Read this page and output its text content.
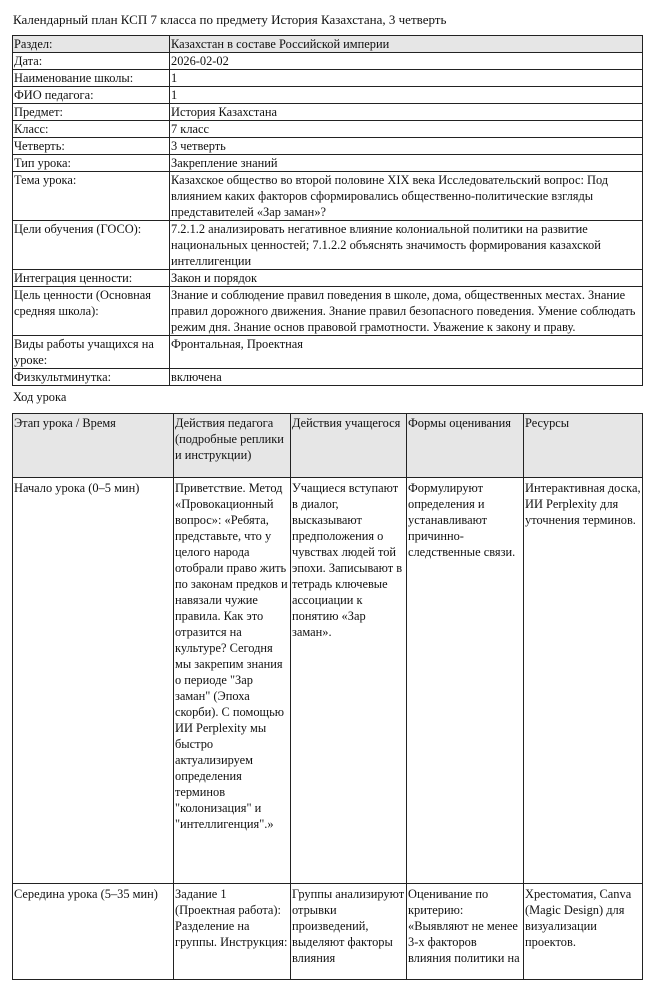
Календарный план КСП 7 класса по предмету История Казахстана, 3 четверть
Раздел:	Казахстан в составе Российской империи
Дата:	2026-02-02
Наименование школы:	1
ФИО педагога:	1
Предмет:	История Казахстана
Класс:	7 класс
Четверть:	3 четверть
Тип урока:	Закрепление знаний
Тема урока:	Казахское общество во второй половине XIX века Исследовательский вопрос: Под влиянием каких факторов сформировались общественно-политические взгляды представителей «Зар заман»?
Цели обучения (ГОСО):	7.2.1.2 анализировать негативное влияние колониальной политики на развитие национальных ценностей; 7.1.2.2 объяснять значимость формирования казахской интеллигенции
Интеграция ценности:	Закон и порядок
Цель ценности (Основная средняя школа):	Знание и соблюдение правил поведения в школе, дома, общественных местах. Знание правил дорожного движения. Знание правил безопасного поведения. Умение соблюдать режим дня. Знание основ правовой грамотности. Уважение к закону и праву.
Виды работы учащихся на уроке:	Фронтальная, Проектная
Физкультминутка:	включена
Ход урока
Этап урока / Время	Действия педагога (подробные реплики и инструкции)	Действия учащегося	Формы оценивания	Ресурсы
Начало урока (0–5 мин)	Приветствие. Метод «Провокационный вопрос»: «Ребята, представьте, что у целого народа отобрали право жить по законам предков и навязали чужие правила. Как это отразится на культуре? Сегодня мы закрепим знания о периоде "Зар заман" (Эпоха скорби). С помощью ИИ Perplexity мы быстро актуализируем определения терминов "колонизация" и "интеллигенция".»	Учащиеся вступают в диалог, высказывают предположения о чувствах людей той эпохи. Записывают в тетрадь ключевые ассоциации к понятию «Зар заман».	Формулируют определения и устанавливают причинно-следственные связи.	Интерактивная доска, ИИ Perplexity для уточнения терминов.
Середина урока (5–35 мин)	Задание 1 (Проектная работа): Разделение на группы. Инструкция:	Группы анализируют отрывки произведений, выделяют факторы влияния	Оценивание по критерию: «Выявляют не менее 3-х факторов влияния политики на	Хрестоматия, Canva (Magic Design) для визуализации проектов.
